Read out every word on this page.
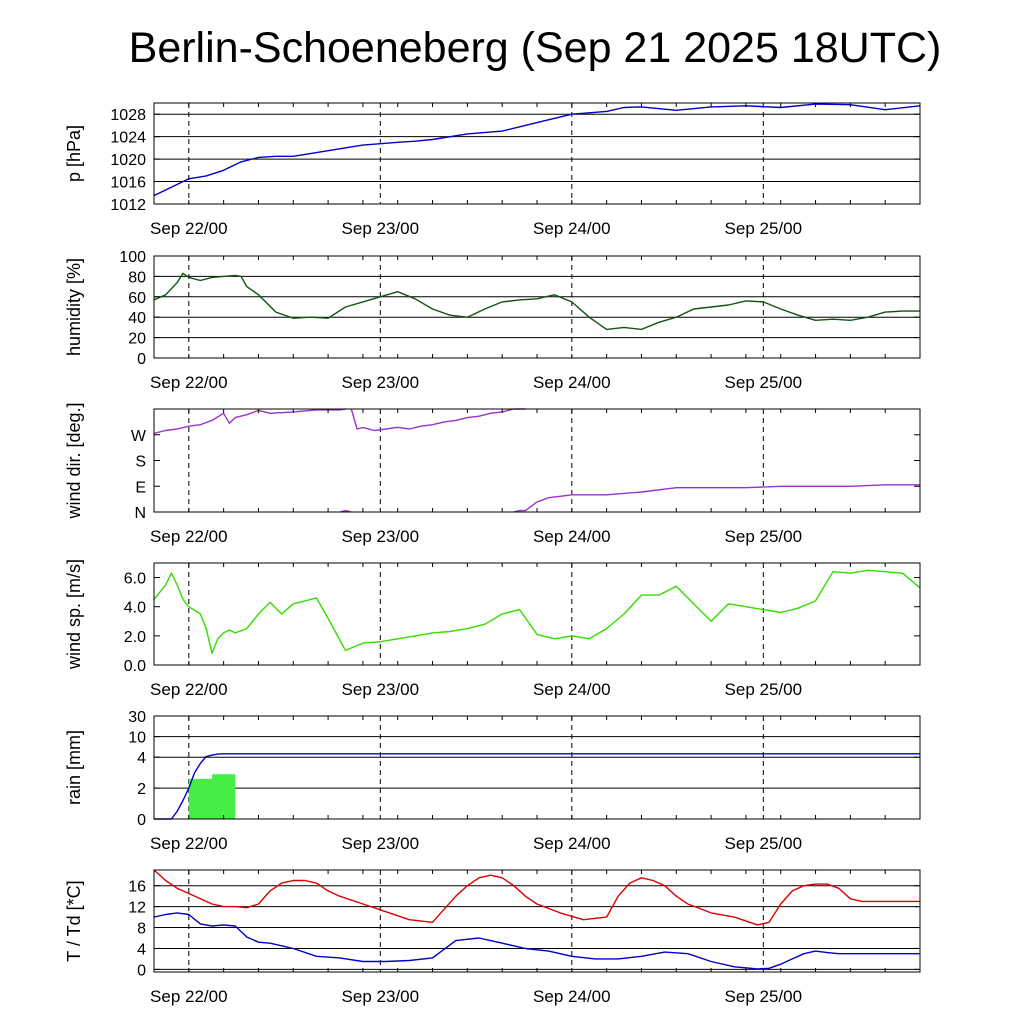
Berlin-Schoeneberg (Sep 21 2025 18UTC)
1012
1016
1020
1024
1028
p [hPa]
Sep 22/00	Sep 23/00	Sep 24/00	Sep 25/00
0
20
40
60
80
100
humidity [%]
Sep 22/00	Sep 23/00	Sep 24/00	Sep 25/00
N
E
S
W
wind dir. [deg.]
Sep 22/00	Sep 23/00	Sep 24/00	Sep 25/00
0.0
2.0
4.0
6.0
wind sp. [m/s]
Sep 22/00	Sep 23/00	Sep 24/00	Sep 25/00
0
2
4
10
30
rain [mm]
Sep 22/00	Sep 23/00	Sep 24/00	Sep 25/00
0
4
8
12
16
T / Td [*C]
Sep 22/00	Sep 23/00	Sep 24/00	Sep 25/00
